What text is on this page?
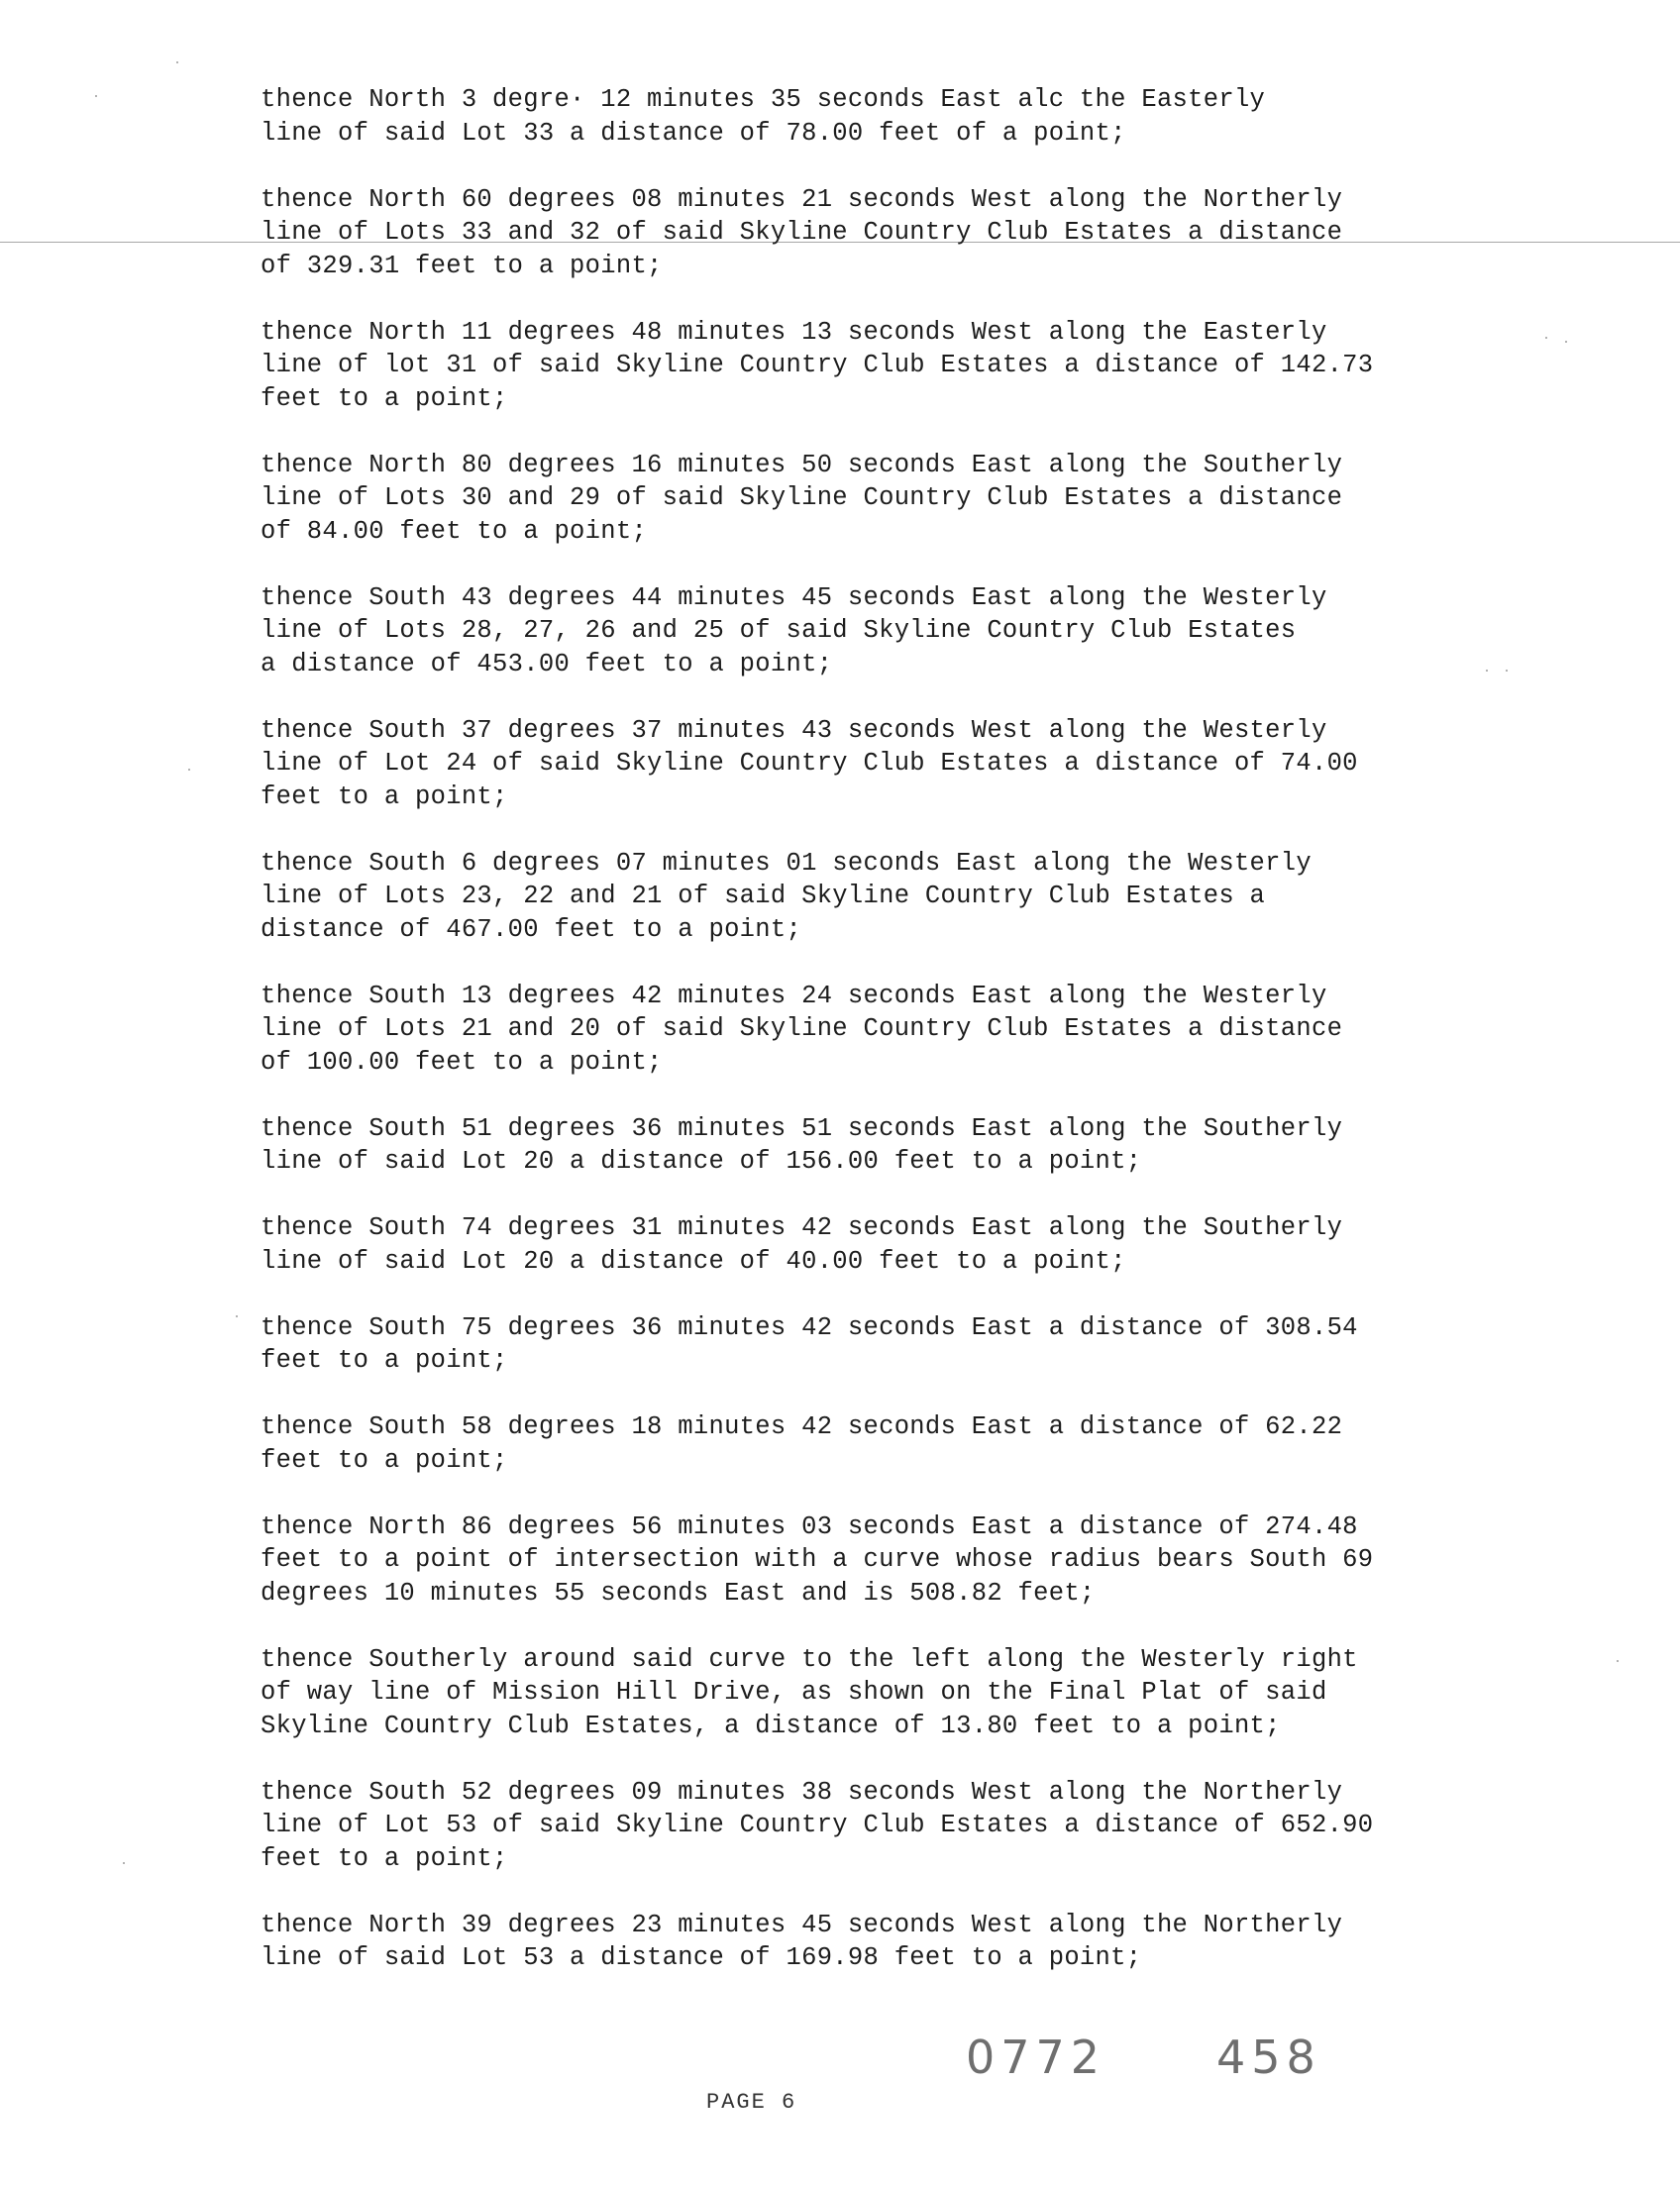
thence North 3 degre· 12 minutes 35 seconds East alc the Easterly
line of said Lot 33 a distance of 78.00 feet of a point;

thence North 60 degrees 08 minutes 21 seconds West along the Northerly
line of Lots 33 and 32 of said Skyline Country Club Estates a distance
of 329.31 feet to a point;

thence North 11 degrees 48 minutes 13 seconds West along the Easterly
line of lot 31 of said Skyline Country Club Estates a distance of 142.73
feet to a point;

thence North 80 degrees 16 minutes 50 seconds East along the Southerly
line of Lots 30 and 29 of said Skyline Country Club Estates a distance
of 84.00 feet to a point;

thence South 43 degrees 44 minutes 45 seconds East along the Westerly
line of Lots 28, 27, 26 and 25 of said Skyline Country Club Estates
a distance of 453.00 feet to a point;

thence South 37 degrees 37 minutes 43 seconds West along the Westerly
line of Lot 24 of said Skyline Country Club Estates a distance of 74.00
feet to a point;

thence South 6 degrees 07 minutes 01 seconds East along the Westerly
line of Lots 23, 22 and 21 of said Skyline Country Club Estates a
distance of 467.00 feet to a point;

thence South 13 degrees 42 minutes 24 seconds East along the Westerly
line of Lots 21 and 20 of said Skyline Country Club Estates a distance
of 100.00 feet to a point;

thence South 51 degrees 36 minutes 51 seconds East along the Southerly
line of said Lot 20 a distance of 156.00 feet to a point;

thence South 74 degrees 31 minutes 42 seconds East along the Southerly
line of said Lot 20 a distance of 40.00 feet to a point;

thence South 75 degrees 36 minutes 42 seconds East a distance of 308.54
feet to a point;

thence South 58 degrees 18 minutes 42 seconds East a distance of 62.22
feet to a point;

thence North 86 degrees 56 minutes 03 seconds East a distance of 274.48
feet to a point of intersection with a curve whose radius bears South 69
degrees 10 minutes 55 seconds East and is 508.82 feet;

thence Southerly around said curve to the left along the Westerly right
of way line of Mission Hill Drive, as shown on the Final Plat of said
Skyline Country Club Estates, a distance of 13.80 feet to a point;

thence South 52 degrees 09 minutes 38 seconds West along the Northerly
line of Lot 53 of said Skyline Country Club Estates a distance of 652.90
feet to a point;

thence North 39 degrees 23 minutes 45 seconds West along the Northerly
line of said Lot 53 a distance of 169.98 feet to a point;

0772 458
PAGE 6
